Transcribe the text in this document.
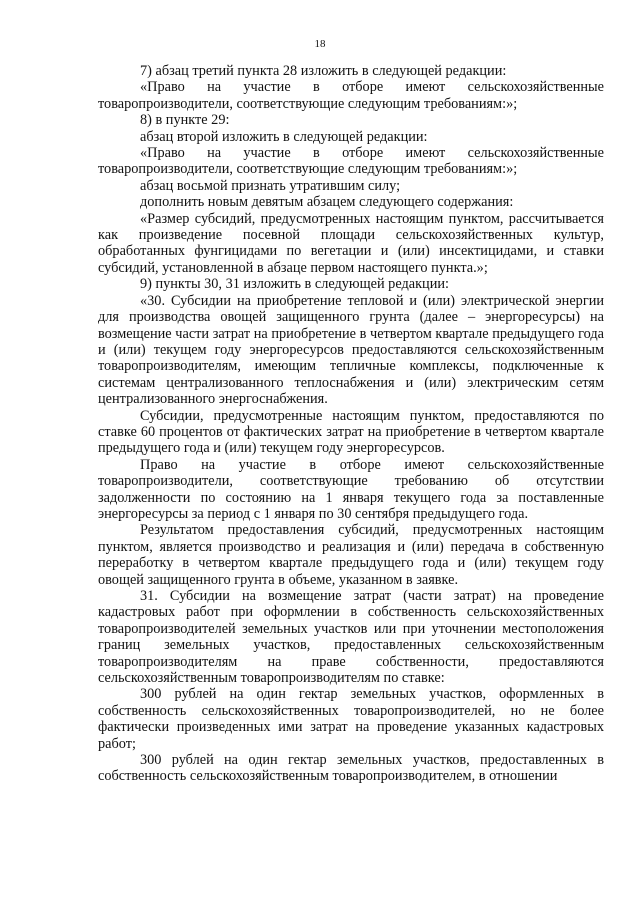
18

7) абзац третий пункта 28 изложить в следующей редакции:

«Право на участие в отборе имеют сельскохозяйственные товаропроизводители, соответствующие следующим требованиям:»;

8) в пункте 29:

абзац второй изложить в следующей редакции:

«Право на участие в отборе имеют сельскохозяйственные товаропроизводители, соответствующие следующим требованиям:»;

абзац восьмой признать утратившим силу;

дополнить новым девятым абзацем следующего содержания:

«Размер субсидий, предусмотренных настоящим пунктом, рассчитывается как произведение посевной площади сельскохозяйственных культур, обработанных фунгицидами по вегетации и (или) инсектицидами, и ставки субсидий, установленной в абзаце первом настоящего пункта.»;

9) пункты 30, 31 изложить в следующей редакции:

«30. Субсидии на приобретение тепловой и (или) электрической энергии для производства овощей защищенного грунта (далее – энергоресурсы) на возмещение части затрат на приобретение в четвертом квартале предыдущего года и (или) текущем году энергоресурсов предоставляются сельскохозяйственным товаропроизводителям, имеющим тепличные комплексы, подключенные к системам централизованного теплоснабжения и (или) электрическим сетям централизованного энергоснабжения.

Субсидии, предусмотренные настоящим пунктом, предоставляются по ставке 60 процентов от фактических затрат на приобретение в четвертом квартале предыдущего года и (или) текущем году энергоресурсов.

Право на участие в отборе имеют сельскохозяйственные товаропроизводители, соответствующие требованию об отсутствии задолженности по состоянию на 1 января текущего года за поставленные энергоресурсы за период с 1 января по 30 сентября предыдущего года.

Результатом предоставления субсидий, предусмотренных настоящим пунктом, является производство и реализация и (или) передача в собственную переработку в четвертом квартале предыдущего года и (или) текущем году овощей защищенного грунта в объеме, указанном в заявке.

31. Субсидии на возмещение затрат (части затрат) на проведение кадастровых работ при оформлении в собственность сельскохозяйственных товаропроизводителей земельных участков или при уточнении местоположения границ земельных участков, предоставленных сельскохозяйственным товаропроизводителям на праве собственности, предоставляются сельскохозяйственным товаропроизводителям по ставке:

300 рублей на один гектар земельных участков, оформленных в собственность сельскохозяйственных товаропроизводителей, но не более фактически произведенных ими затрат на проведение указанных кадастровых работ;

300 рублей на один гектар земельных участков, предоставленных в собственность сельскохозяйственным товаропроизводителем, в отношении
